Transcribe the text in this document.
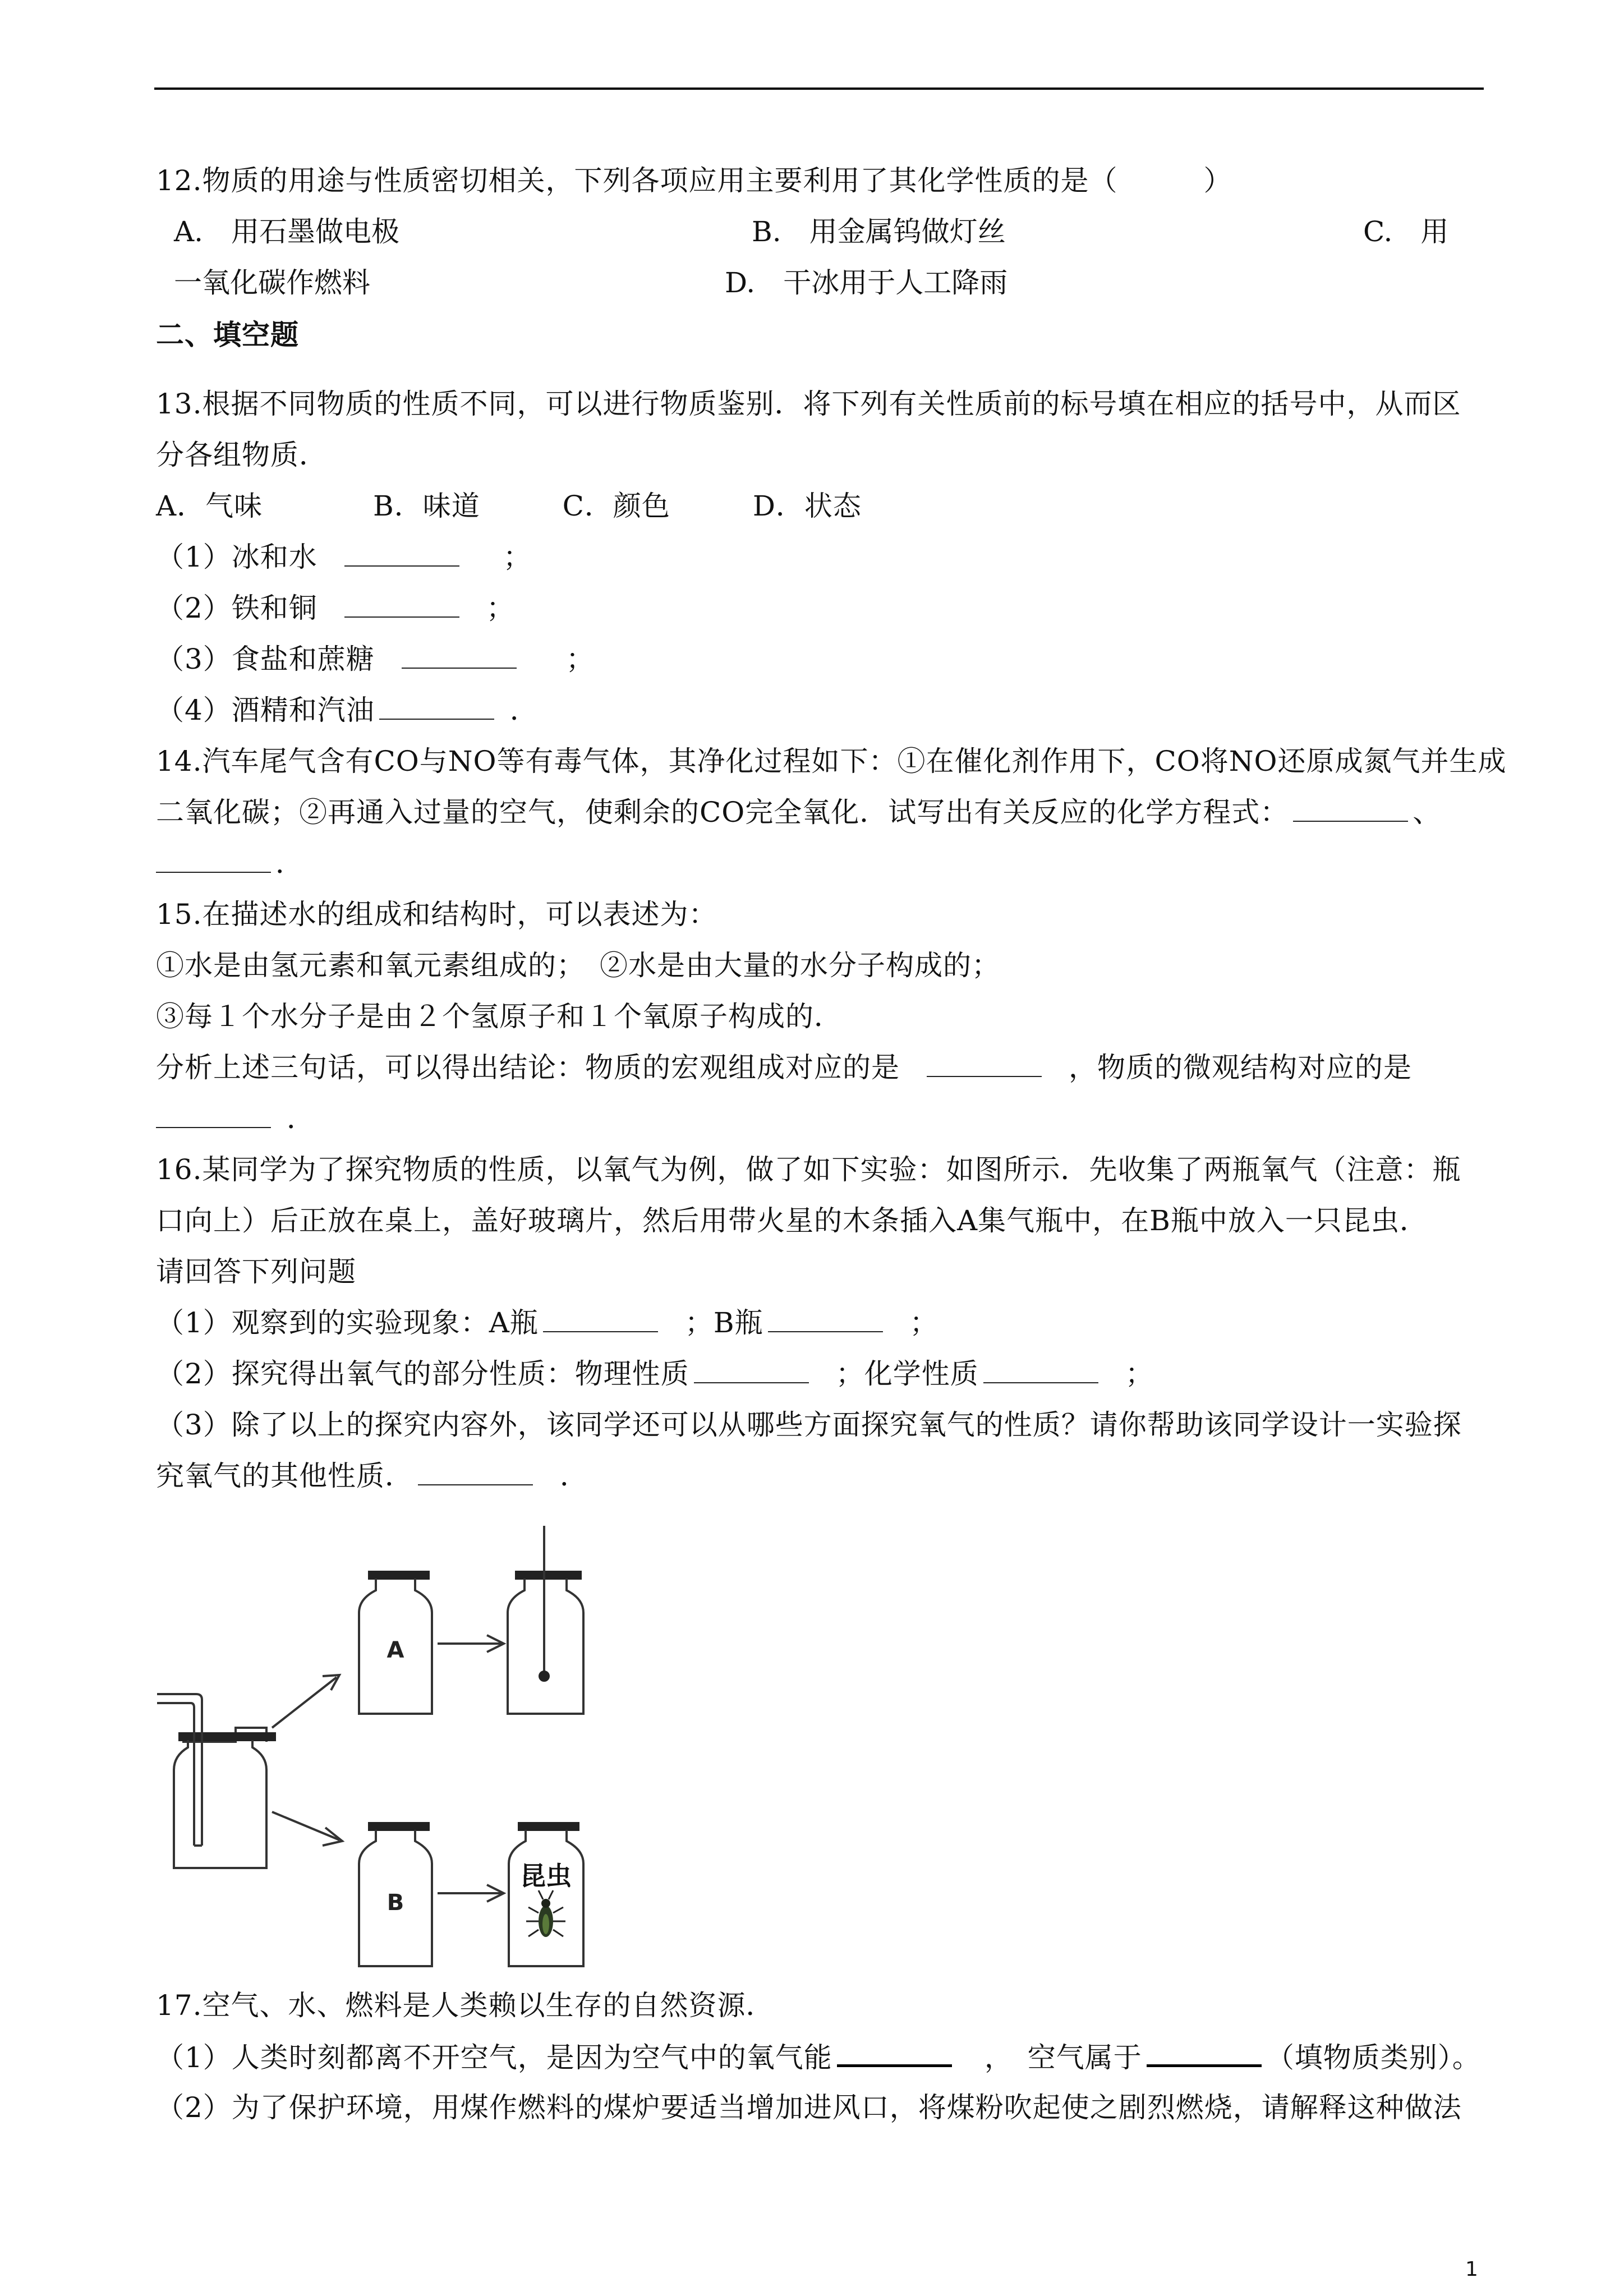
12.物质的用途与性质密切相关，下列各项应用主要利用了其化学性质的是（　　　）
A.　用石墨做电极	B.　用金属钨做灯丝	C.　用
一氧化碳作燃料	D.　干冰用于人工降雨
二、填空题
13.根据不同物质的性质不同，可以进行物质鉴别．将下列有关性质前的标号填在相应的括号中，从而区
分各组物质．
A．气味	B．味道	C．颜色	D．状态
（1）冰和水	；
（2）铁和铜	；
（3）食盐和蔗糖	；
（4）酒精和汽油	．
14.汽车尾气含有CO与NO等有毒气体，其净化过程如下：①在催化剂作用下，CO将NO还原成氮气并生成
二氧化碳；②再通入过量的空气，使剩余的CO完全氧化．试写出有关反应的化学方程式：	、
．
15.在描述水的组成和结构时，可以表述为：
①水是由氢元素和氧元素组成的；　②水是由大量的水分子构成的；
③每１个水分子是由２个氢原子和１个氧原子构成的．
分析上述三句话，可以得出结论：物质的宏观组成对应的是	，物质的微观结构对应的是
．
16.某同学为了探究物质的性质，以氧气为例，做了如下实验：如图所示．先收集了两瓶氧气（注意：瓶
口向上）后正放在桌上，盖好玻璃片，然后用带火星的木条插入A集气瓶中，在B瓶中放入一只昆虫．
请回答下列问题
（1）观察到的实验现象：A瓶	；B瓶	；
（2）探究得出氧气的部分性质：物理性质	；化学性质	；
（3）除了以上的探究内容外，该同学还可以从哪些方面探究氧气的性质？请你帮助该同学设计一实验探
究氧气的其他性质．	．
A
B
昆虫
17.空气、水、燃料是人类赖以生存的自然资源．
（1）人类时刻都离不开空气，是因为空气中的氧气能	，　空气属于	（填物质类别）。
（2）为了保护环境，用煤作燃料的煤炉要适当增加进风口，将煤粉吹起使之剧烈燃烧，请解释这种做法
1
